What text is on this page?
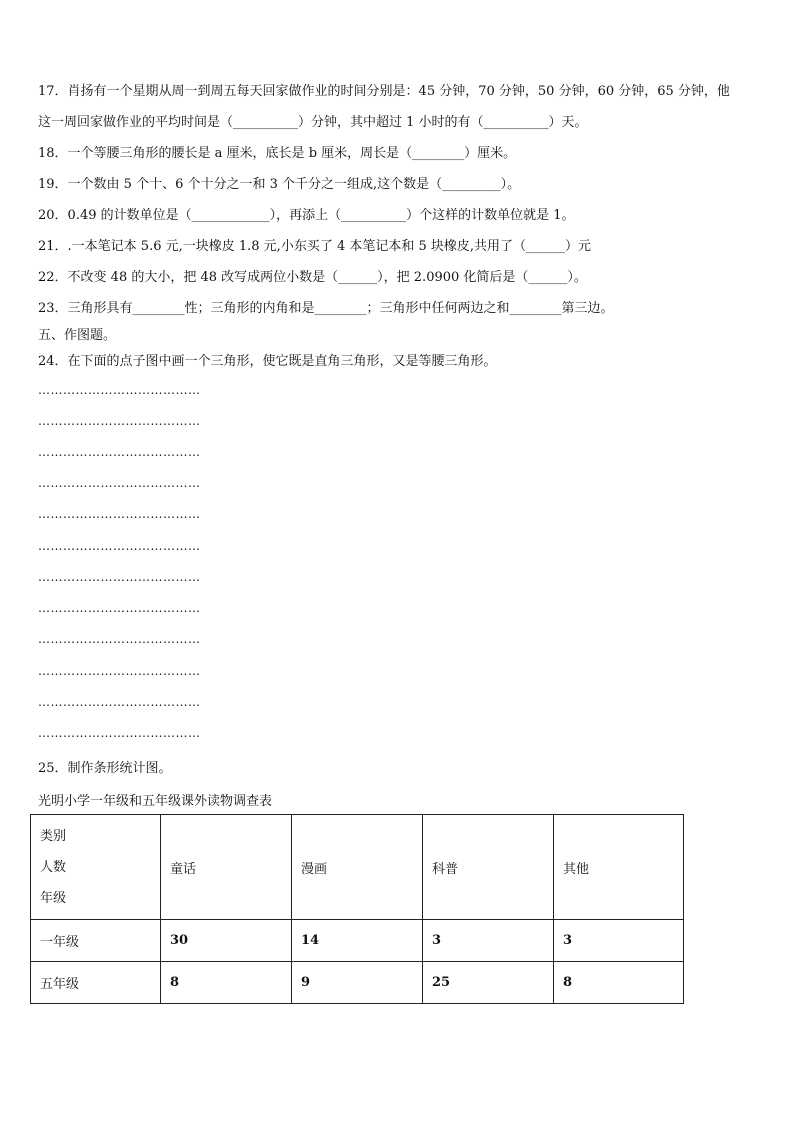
17．肖扬有一个星期从周一到周五每天回家做作业的时间分别是：45 分钟，70 分钟，50 分钟，60 分钟，65 分钟，他
这一周回家做作业的平均时间是（__________）分钟，其中超过 1 小时的有（__________）天。
18．一个等腰三角形的腰长是 a 厘米，底长是 b 厘米，周长是（________）厘米。
19．一个数由 5 个十、6 个十分之一和 3 个千分之一组成,这个数是（_________）。
20．0.49 的计数单位是（____________），再添上（__________）个这样的计数单位就是 1。
21．.一本笔记本 5.6 元,一块橡皮 1.8 元,小东买了 4 本笔记本和 5 块橡皮,共用了（______）元
22．不改变 48 的大小，把 48 改写成两位小数是（______），把 2.0900 化简后是（______）。
23．三角形具有________性；三角形的内角和是________；三角形中任何两边之和________第三边。
五、作图题。
24．在下面的点子图中画一个三角形，使它既是直角三角形，又是等腰三角形。
…………………………………
…………………………………
…………………………………
…………………………………
…………………………………
…………………………………
…………………………………
…………………………………
…………………………………
…………………………………
…………………………………
…………………………………
25．制作条形统计图。
光明小学一年级和五年级课外读物调查表
类别
人数
年级	童话	漫画	科普	其他
一年级	30	14	3	3
五年级	8	9	25	8
